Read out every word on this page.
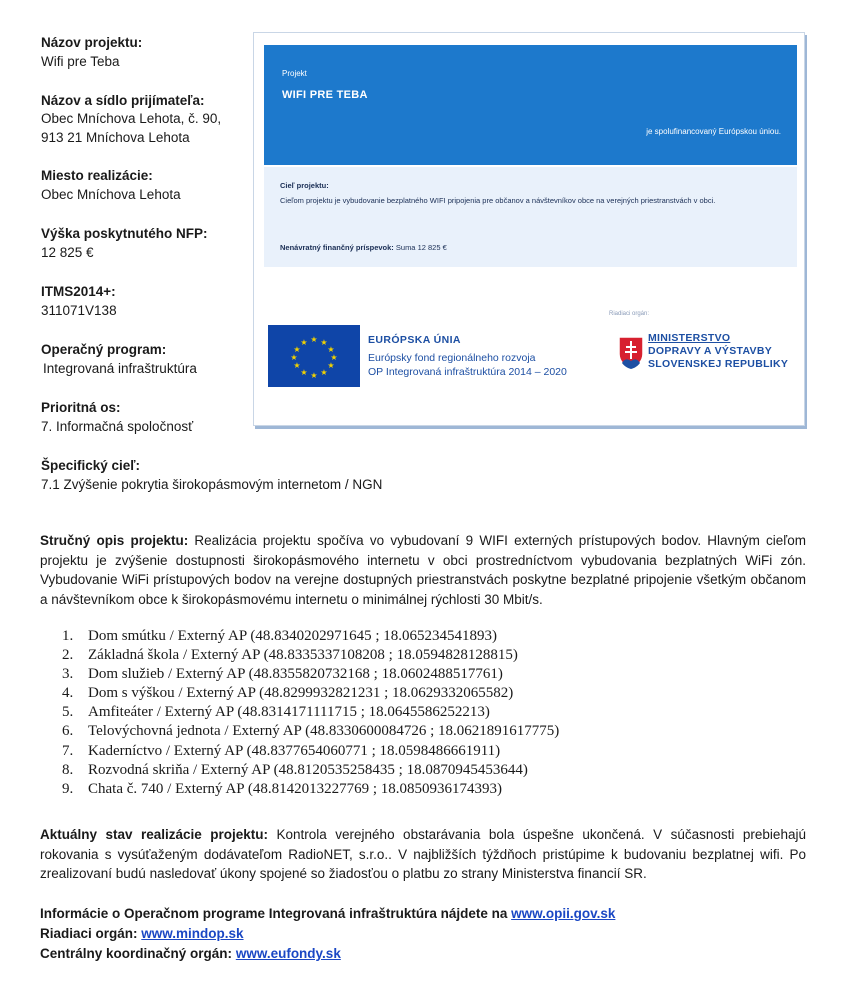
Názov projektu:
Wifi pre Teba
Názov a sídlo prijímateľa:
Obec Mníchova Lehota, č. 90,
913 21 Mníchova Lehota
Miesto realizácie:
Obec Mníchova Lehota
Výška poskytnutého NFP:
12 825 €
ITMS2014+:
311071V138
Operačný program:
Integrovaná infraštruktúra
Prioritná os:
7. Informačná spoločnosť
Špecifický cieľ:
7.1 Zvýšenie pokrytia širokopásmovým internetom / NGN
Projekt
WIFI PRE TEBA
je spolufinancovaný Európskou úniou.
Cieľ projektu:
Cieľom projektu je vybudovanie bezplatného WIFI pripojenia pre občanov a návštevníkov obce na verejných priestranstvách v obci.
Nenávratný finančný príspevok: Suma 12 825 €
Riadiaci orgán:
★ ★
★
★
★
★
★
★
★
★
★
★	EURÓPSKA ÚNIA
Európsky fond regionálneho rozvoja
OP Integrovaná infraštruktúra 2014 – 2020
MINISTERSTVO
DOPRAVY A VÝSTAVBY
SLOVENSKEJ REPUBLIKY
Stručný opis projektu: Realizácia projektu spočíva vo vybudovaní 9 WIFI externých prístupových bodov. Hlavným cieľom projektu je zvýšenie dostupnosti širokopásmového internetu v obci prostredníctvom vybudovania bezplatných WiFi zón. Vybudovanie WiFi prístupových bodov na verejne dostupných priestranstvách poskytne bezplatné pripojenie všetkým občanom a návštevníkom obce k širokopásmovému internetu o minimálnej rýchlosti 30 Mbit/s.
1. Dom smútku / Externý AP (48.8340202971645 ; 18.065234541893)
2. Základná škola / Externý AP (48.8335337108208 ; 18.0594828128815)
3. Dom služieb / Externý AP (48.8355820732168 ; 18.0602488517761)
4. Dom s výškou / Externý AP (48.8299932821231 ; 18.0629332065582)
5. Amfiteáter / Externý AP (48.8314171111715 ; 18.0645586252213)
6. Telovýchovná jednota / Externý AP (48.8330600084726 ; 18.0621891617775)
7. Kaderníctvo / Externý AP (48.8377654060771 ; 18.0598486661911)
8. Rozvodná skriňa / Externý AP (48.8120535258435 ; 18.0870945453644)
9. Chata č. 740 / Externý AP (48.8142013227769 ; 18.0850936174393)
Aktuálny stav realizácie projektu: Kontrola verejného obstarávania bola úspešne ukončená. V súčasnosti prebiehajú rokovania s vysúťaženým dodávateľom RadioNET, s.r.o.. V najbližších týždňoch pristúpime k budovaniu bezplatnej wifi. Po zrealizovaní budú nasledovať úkony spojené so žiadosťou o platbu zo strany Ministerstva financií SR.
Informácie o Operačnom programe Integrovaná infraštruktúra nájdete na www.opii.gov.sk
Riadiaci orgán: www.mindop.sk
Centrálny koordinačný orgán: www.eufondy.sk
